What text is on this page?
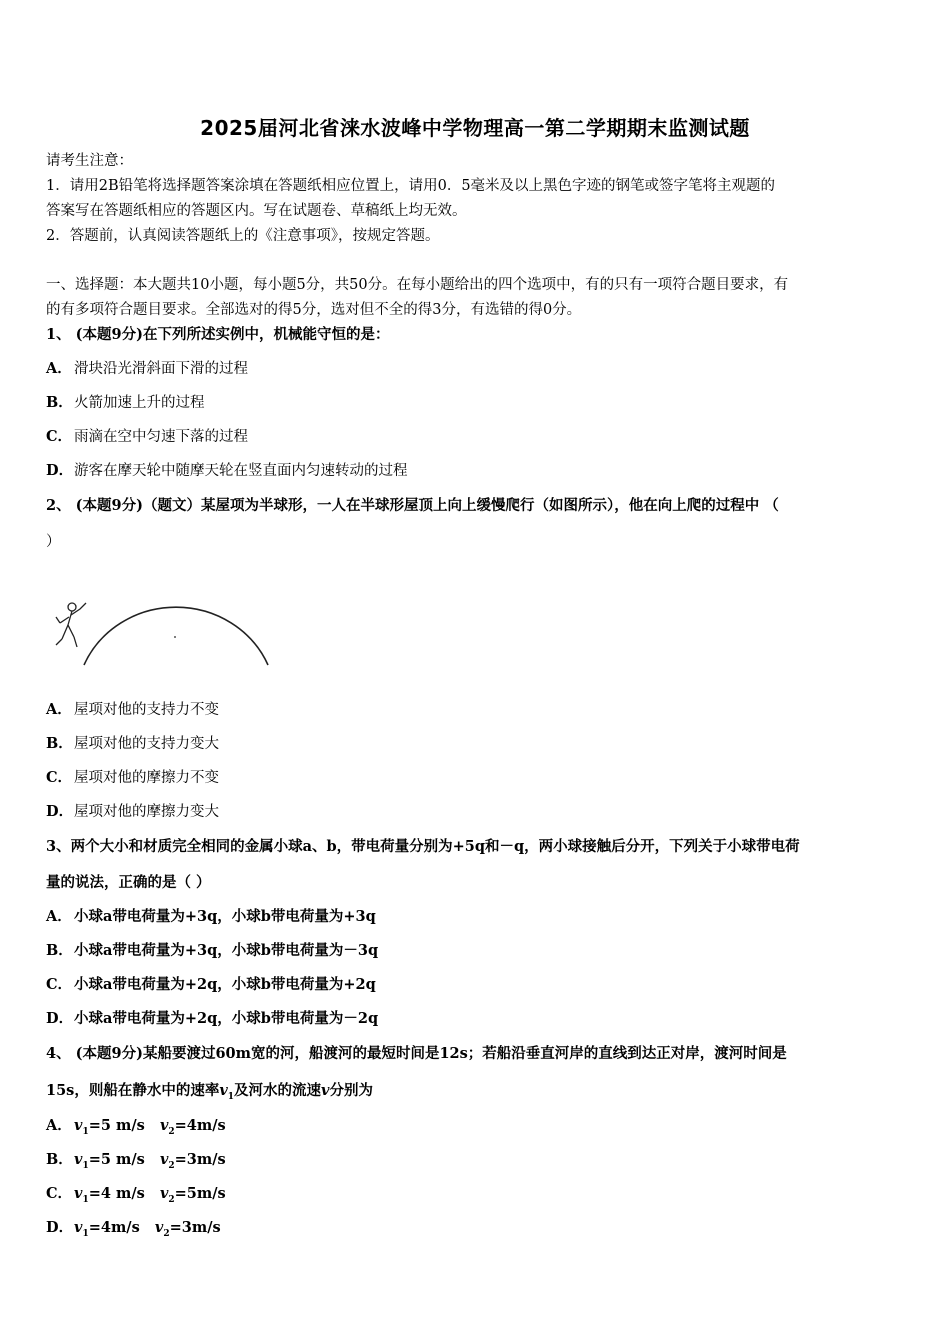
2025届河北省涞水波峰中学物理高一第二学期期末监测试题
请考生注意：
1．请用2B铅笔将选择题答案涂填在答题纸相应位置上，请用0．5毫米及以上黑色字迹的钢笔或签字笔将主观题的
答案写在答题纸相应的答题区内。写在试题卷、草稿纸上均无效。
2．答题前，认真阅读答题纸上的《注意事项》，按规定答题。
一、选择题：本大题共10小题，每小题5分，共50分。在每小题给出的四个选项中，有的只有一项符合题目要求，有
的有多项符合题目要求。全部选对的得5分，选对但不全的得3分，有选错的得0分。
1、 (本题9分)在下列所述实例中，机械能守恒的是：
A． 滑块沿光滑斜面下滑的过程
B．火箭加速上升的过程
C． 雨滴在空中匀速下落的过程
D．游客在摩天轮中随摩天轮在竖直面内匀速转动的过程
2、 (本题9分)（题文）某屋项为半球形，一人在半球形屋顶上向上缓慢爬行（如图所示），他在向上爬的过程中 （
）
A． 屋项对他的支持力不变
B．屋项对他的支持力变大
C． 屋项对他的摩擦力不变
D．屋项对他的摩擦力变大
3、两个大小和材质完全相同的金属小球a、b，带电荷量分别为+5q和－q，两小球接触后分开，下列关于小球带电荷
量的说法，正确的是（ ）
A． 小球a带电荷量为+3q，小球b带电荷量为+3q
B．小球a带电荷量为+3q，小球b带电荷量为－3q
C． 小球a带电荷量为+2q，小球b带电荷量为+2q
D．小球a带电荷量为+2q，小球b带电荷量为－2q
4、 (本题9分)某船要渡过60m宽的河，船渡河的最短时间是12s；若船沿垂直河岸的直线到达正对岸，渡河时间是
15s，则船在静水中的速率$v_1$及河水的流速v分别为
A． $v_1=5$ m/s $v_2=4m/s$
B．$v_1=5$ m/s $v_2=3m/s$
C． $v_1=4$ m/s $v_2=5m/s$
D．$v_1=4m/s$ $v_2=3m/s$
